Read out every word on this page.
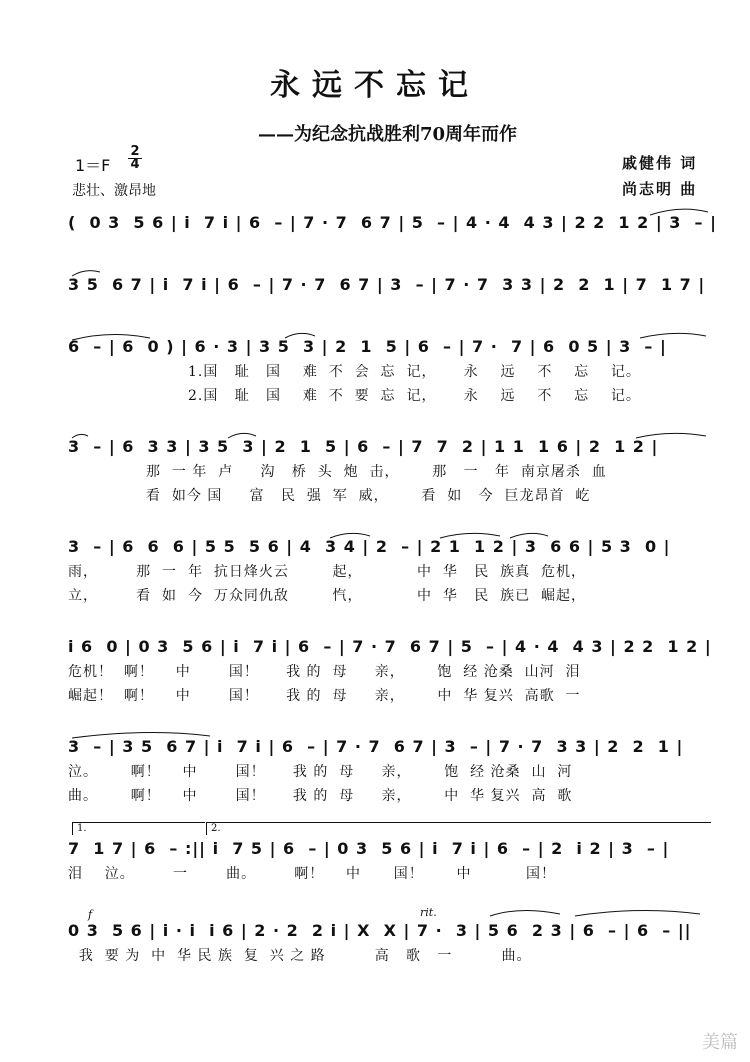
永远不忘记
——为纪念抗战胜利70周年而作
1＝F
2
4
悲壮、激昂地
戚健伟 词
尚志明 曲
(  0 3  5 6 | i  7 i | 6  – | 7 · 7  6 7 | 5  – | 4 · 4  4 3 | 2 2  1 2 | 3  – |
3 5  6 7 | i  7 i | 6  – | 7 · 7  6 7 | 3  – | 7 · 7  3 3 | 2  2  1 | 7  1 7 |
6  – | 6  0 ) | 6 · 3 | 3 5  3 | 2  1  5 | 6  – | 7 ·  7 | 6  0 5 | 3  – |
1.国   耻   国    难  不  会  忘  记，     永    远    不    忘    记。
2.国   耻   国    难  不  要  忘  记，     永    远    不    忘    记。
3  – | 6  3 3 | 3 5  3 | 2  1  5 | 6  – | 7  7  2 | 1 1  1 6 | 2  1 2 |
那  一 年  卢     沟   桥  头  炮  击，      那   一   年  南京屠杀  血
看  如今 国     富   民  强  军  威，      看  如   今  巨龙昂首  屹
3  – | 6  6  6 | 5 5  5 6 | 4  3 4 | 2  – | 2 1  1 2 | 3  6 6 | 5 3  0 |
雨，       那  一  年  抗日烽火云        起，          中  华   民  族真  危机，
立，       看  如  今  万众同仇敌        忾，          中  华   民  族已  崛起，
i 6  0 | 0 3  5 6 | i  7 i | 6  – | 7 · 7  6 7 | 5  – | 4 · 4  4 3 | 2 2  1 2 |
危机！  啊！    中       国！     我 的  母     亲，      饱  经 沧桑  山河  泪
崛起！  啊！    中       国！     我 的  母     亲，      中  华 复兴  高歌  一
3  – | 3 5  6 7 | i  7 i | 6  – | 7 · 7  6 7 | 3  – | 7 · 7  3 3 | 2  2  1 |
泣。      啊！    中       国！     我 的  母     亲，      饱  经 沧桑  山  河
曲。      啊！    中       国！     我 的  母     亲，      中  华 复兴  高  歌
1.	2.
7  1 7 | 6  – :|| i  7 5 | 6  – | 0 3  5 6 | i  7 i | 6  – | 2  i 2 | 3  – |
泪    泣。       一       曲。       啊！    中      国！      中          国！
f	rit.
0 3  5 6 | i · i  i 6 | 2 · 2  2 i | X  X | 7 ·  3 | 5 6  2 3 | 6  – | 6  – ||
我  要 为  中  华 民 族  复  兴 之 路         高   歌   一         曲。
美篇
